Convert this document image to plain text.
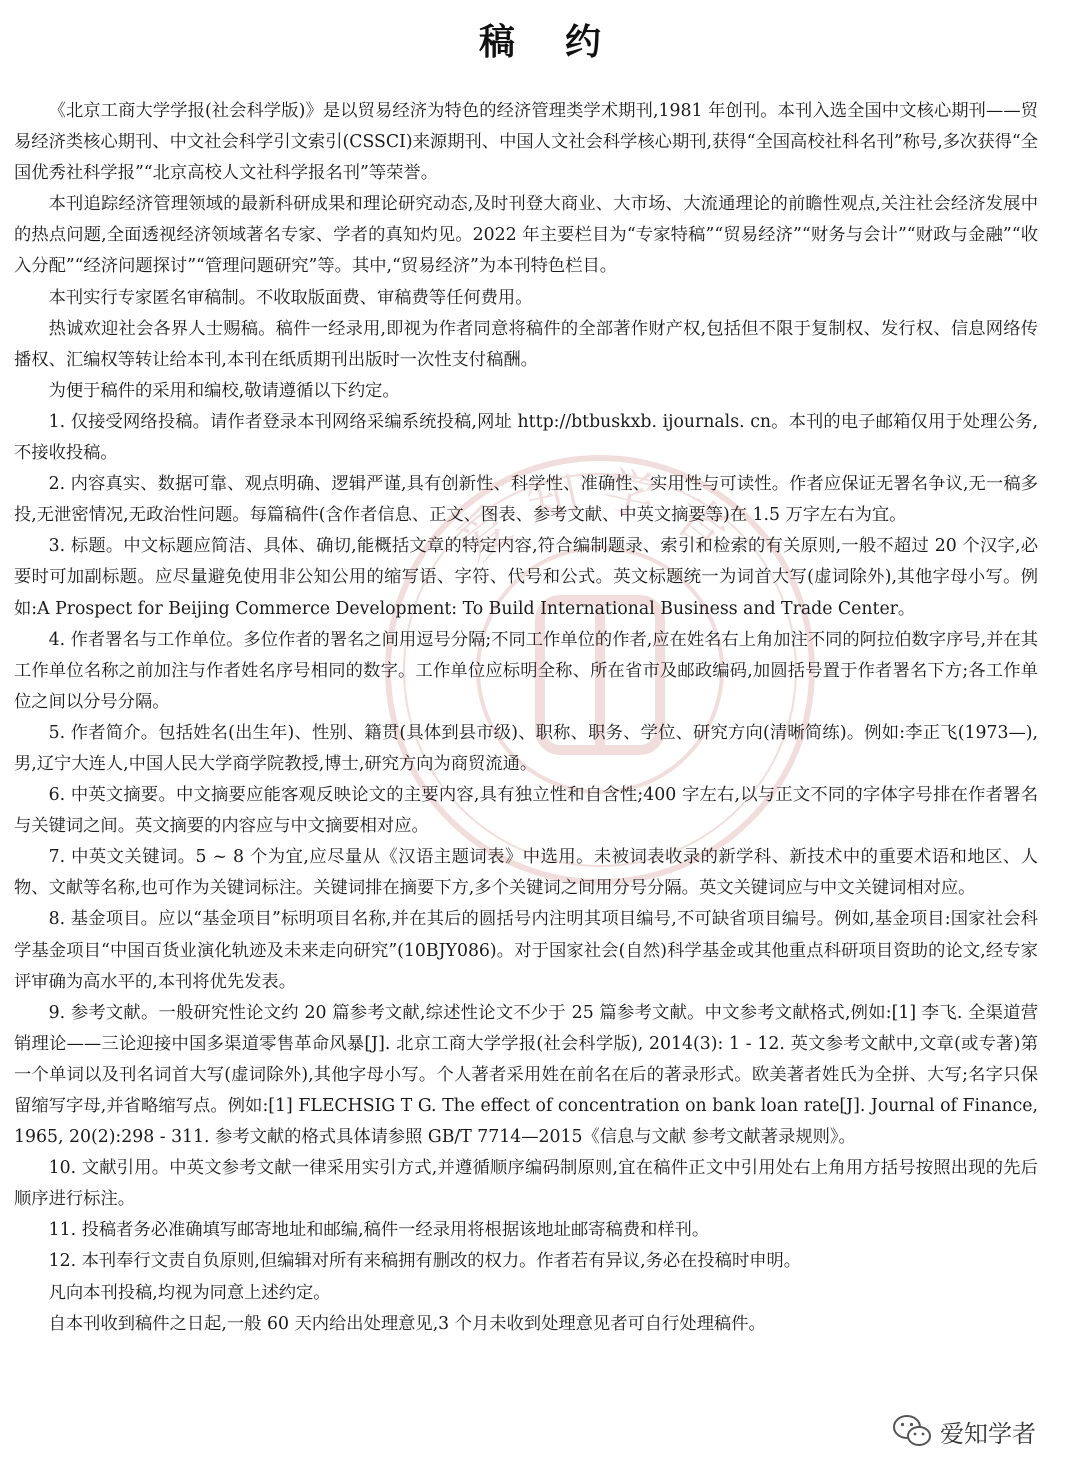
爱知学者
稿约

《北京工商大学学报(社会科学版)》是以贸易经济为特色的经济管理类学术期刊,1981 年创刊。本刊入选全国中文核心期刊——贸易经济类核心期刊、中文社会科学引文索引(CSSCI)来源期刊、中国人文社会科学核心期刊,获得“全国高校社科名刊”称号,多次获得“全国优秀社科学报”“北京高校人文社科学报名刊”等荣誉。

本刊追踪经济管理领域的最新科研成果和理论研究动态,及时刊登大商业、大市场、大流通理论的前瞻性观点,关注社会经济发展中的热点问题,全面透视经济领域著名专家、学者的真知灼见。2022 年主要栏目为“专家特稿”“贸易经济”“财务与会计”“财政与金融”“收入分配”“经济问题探讨”“管理问题研究”等。其中,“贸易经济”为本刊特色栏目。

本刊实行专家匿名审稿制。不收取版面费、审稿费等任何费用。

热诚欢迎社会各界人士赐稿。稿件一经录用,即视为作者同意将稿件的全部著作财产权,包括但不限于复制权、发行权、信息网络传播权、汇编权等转让给本刊,本刊在纸质期刊出版时一次性支付稿酬。

为便于稿件的采用和编校,敬请遵循以下约定。

1. 仅接受网络投稿。请作者登录本刊网络采编系统投稿,网址 http://btbuskxb. ijournals. cn。本刊的电子邮箱仅用于处理公务,不接收投稿。

2. 内容真实、数据可靠、观点明确、逻辑严谨,具有创新性、科学性、准确性、实用性与可读性。作者应保证无署名争议,无一稿多投,无泄密情况,无政治性问题。每篇稿件(含作者信息、正文、图表、参考文献、中英文摘要等)在 1.5 万字左右为宜。

3. 标题。中文标题应简洁、具体、确切,能概括文章的特定内容,符合编制题录、索引和检索的有关原则,一般不超过 20 个汉字,必要时可加副标题。应尽量避免使用非公知公用的缩写语、字符、代号和公式。英文标题统一为词首大写(虚词除外),其他字母小写。例如:A Prospect for Beijing Commerce Development: To Build International Business and Trade Center。

4. 作者署名与工作单位。多位作者的署名之间用逗号分隔;不同工作单位的作者,应在姓名右上角加注不同的阿拉伯数字序号,并在其工作单位名称之前加注与作者姓名序号相同的数字。工作单位应标明全称、所在省市及邮政编码,加圆括号置于作者署名下方;各工作单位之间以分号分隔。

5. 作者简介。包括姓名(出生年)、性别、籍贯(具体到县市级)、职称、职务、学位、研究方向(清晰简练)。例如:李正飞(1973—),男,辽宁大连人,中国人民大学商学院教授,博士,研究方向为商贸流通。

6. 中英文摘要。中文摘要应能客观反映论文的主要内容,具有独立性和自含性;400 字左右,以与正文不同的字体字号排在作者署名与关键词之间。英文摘要的内容应与中文摘要相对应。

7. 中英文关键词。5 ~ 8 个为宜,应尽量从《汉语主题词表》中选用。未被词表收录的新学科、新技术中的重要术语和地区、人物、文献等名称,也可作为关键词标注。关键词排在摘要下方,多个关键词之间用分号分隔。英文关键词应与中文关键词相对应。

8. 基金项目。应以“基金项目”标明项目名称,并在其后的圆括号内注明其项目编号,不可缺省项目编号。例如,基金项目:国家社会科学基金项目“中国百货业演化轨迹及未来走向研究”(10BJY086)。对于国家社会(自然)科学基金或其他重点科研项目资助的论文,经专家评审确为高水平的,本刊将优先发表。

9. 参考文献。一般研究性论文约 20 篇参考文献,综述性论文不少于 25 篇参考文献。中文参考文献格式,例如:[1] 李飞. 全渠道营销理论——三论迎接中国多渠道零售革命风暴[J]. 北京工商大学学报(社会科学版), 2014(3): 1 - 12. 英文参考文献中,文章(或专著)第一个单词以及刊名词首大写(虚词除外),其他字母小写。个人著者采用姓在前名在后的著录形式。欧美著者姓氏为全拼、大写;名字只保留缩写字母,并省略缩写点。例如:[1] FLECHSIG T G. The effect of concentration on bank loan rate[J]. Journal of Finance, 1965, 20(2):298 - 311. 参考文献的格式具体请参照 GB/T 7714—2015《信息与文献 参考文献著录规则》。

10. 文献引用。中英文参考文献一律采用实引方式,并遵循顺序编码制原则,宜在稿件正文中引用处右上角用方括号按照出现的先后顺序进行标注。

11. 投稿者务必准确填写邮寄地址和邮编,稿件一经录用将根据该地址邮寄稿费和样刊。

12. 本刊奉行文责自负原则,但编辑对所有来稿拥有删改的权力。作者若有异议,务必在投稿时申明。

凡向本刊投稿,均视为同意上述约定。

自本刊收到稿件之日起,一般 60 天内给出处理意见,3 个月未收到处理意见者可自行处理稿件。

爱知学者
